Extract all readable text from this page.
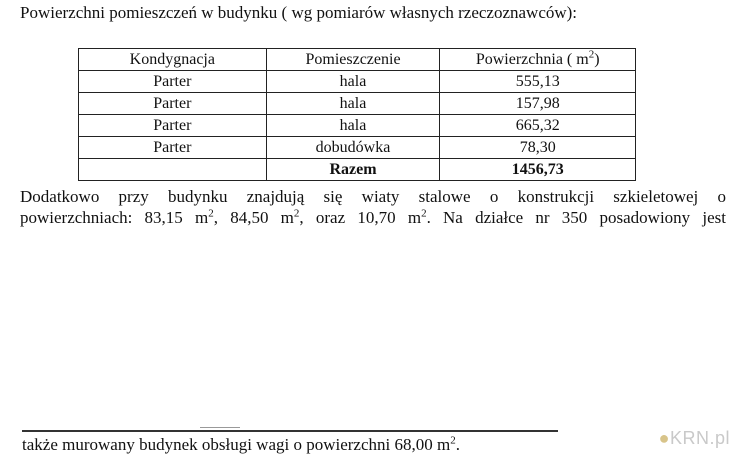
Powierzchni pomieszczeń w budynku ( wg pomiarów własnych rzeczoznawców):
Kondygnacja	Pomieszczenie	Powierzchnia ( $m^2$)
Parter	hala	555,13
Parter	hala	157,98
Parter	hala	665,32
Parter	dobudówka	78,30
	Razem	1456,73
Dodatkowo przy budynku znajdują się wiaty stalowe o konstrukcji szkieletowej o
powierzchniach: 83,15 $m^2$, 84,50 $m^2$, oraz 10,70 $m^2$. Na działce nr 350 posadowiony jest
także murowany budynek obsługi wagi o powierzchni 68,00 $m^2$.	●KRN.pl
